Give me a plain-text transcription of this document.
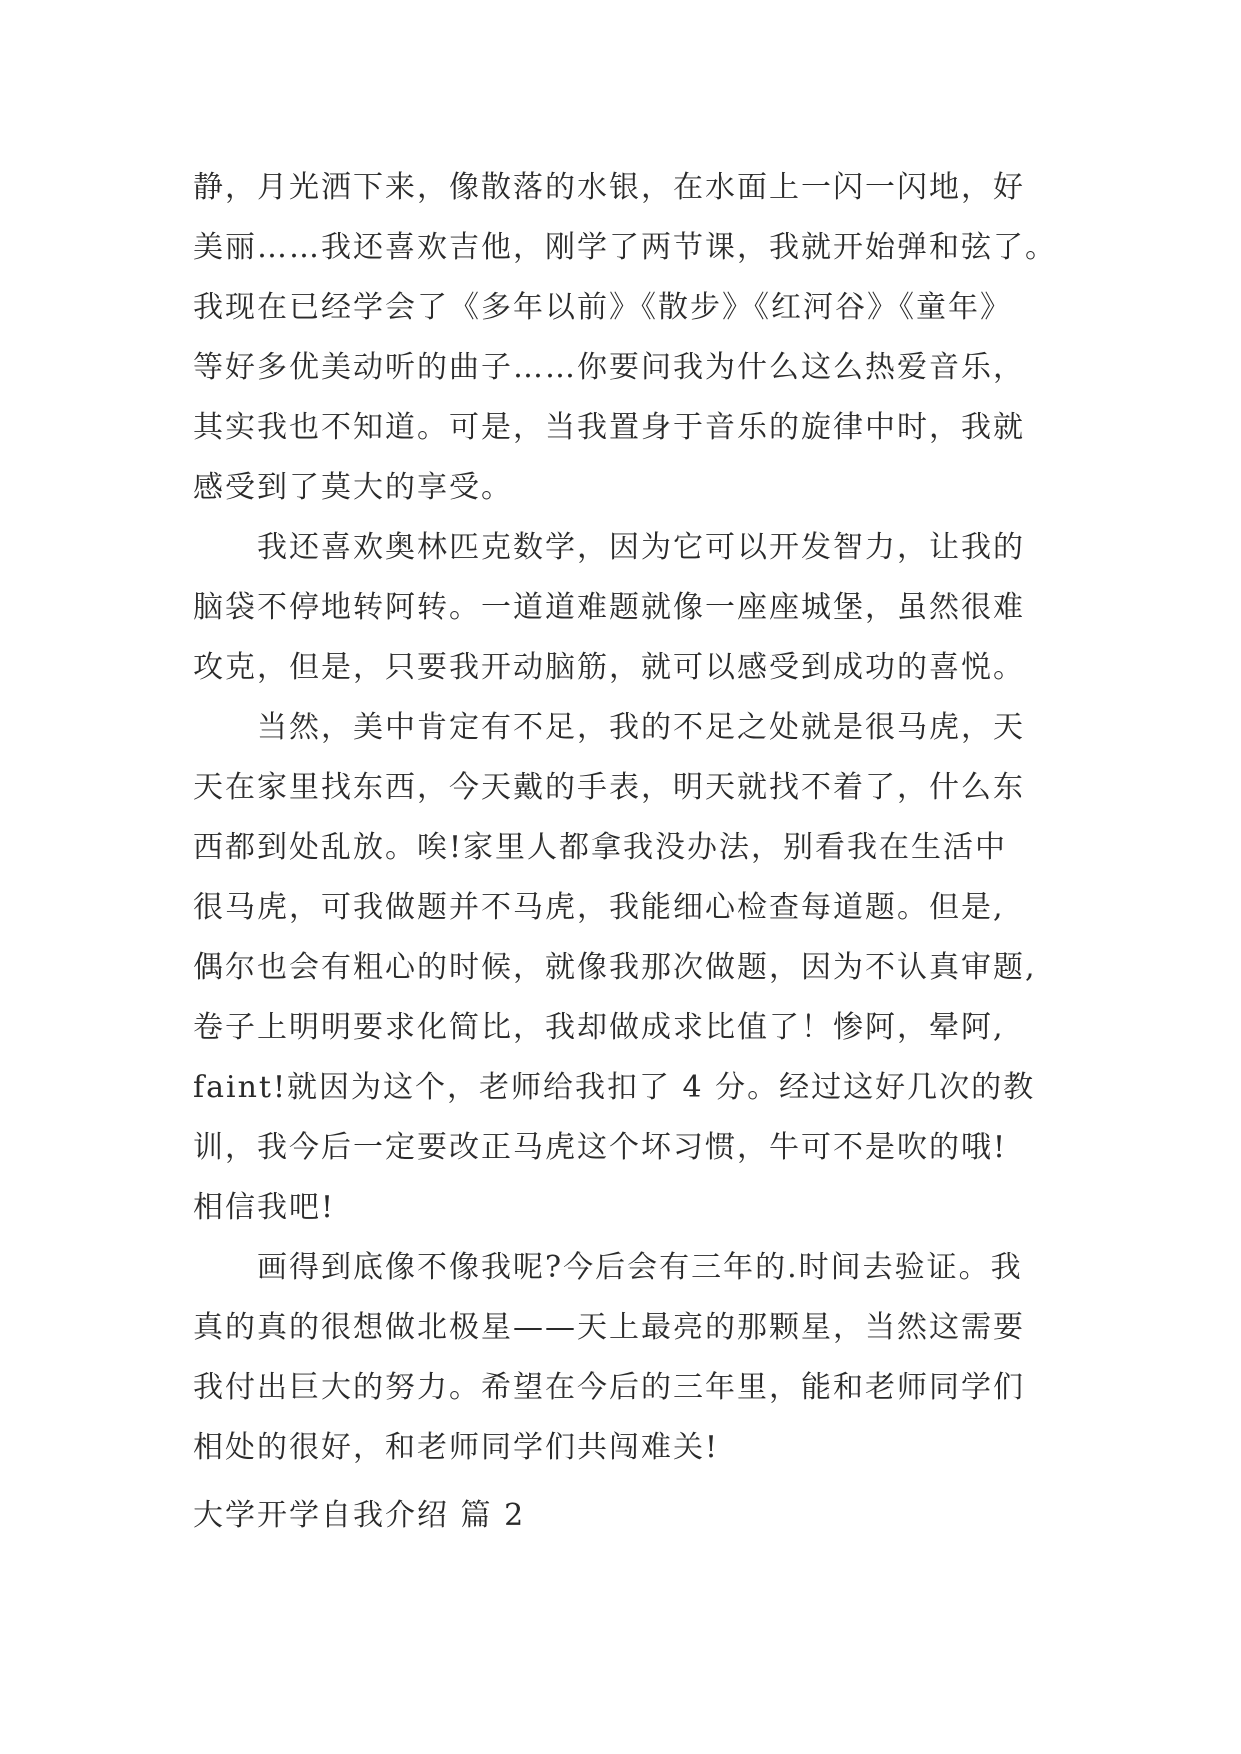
静，月光洒下来，像散落的水银，在水面上一闪一闪地，好
美丽……我还喜欢吉他，刚学了两节课，我就开始弹和弦了。
我现在已经学会了《多年以前》《散步》《红河谷》《童年》
等好多优美动听的曲子……你要问我为什么这么热爱音乐，
其实我也不知道。可是，当我置身于音乐的旋律中时，我就
感受到了莫大的享受。
我还喜欢奥林匹克数学，因为它可以开发智力，让我的
脑袋不停地转阿转。一道道难题就像一座座城堡，虽然很难
攻克，但是，只要我开动脑筋，就可以感受到成功的喜悦。
当然，美中肯定有不足，我的不足之处就是很马虎，天
天在家里找东西，今天戴的手表，明天就找不着了，什么东
西都到处乱放。唉!家里人都拿我没办法，别看我在生活中
很马虎，可我做题并不马虎，我能细心检查每道题。但是,
偶尔也会有粗心的时候，就像我那次做题，因为不认真审题,
卷子上明明要求化简比，我却做成求比值了！惨阿，晕阿,
faint!就因为这个，老师给我扣了 4 分。经过这好几次的教
训，我今后一定要改正马虎这个坏习惯，牛可不是吹的哦!
相信我吧!
画得到底像不像我呢?今后会有三年的.时间去验证。我
真的真的很想做北极星——天上最亮的那颗星，当然这需要
我付出巨大的努力。希望在今后的三年里，能和老师同学们
相处的很好，和老师同学们共闯难关!
大学开学自我介绍 篇 2
